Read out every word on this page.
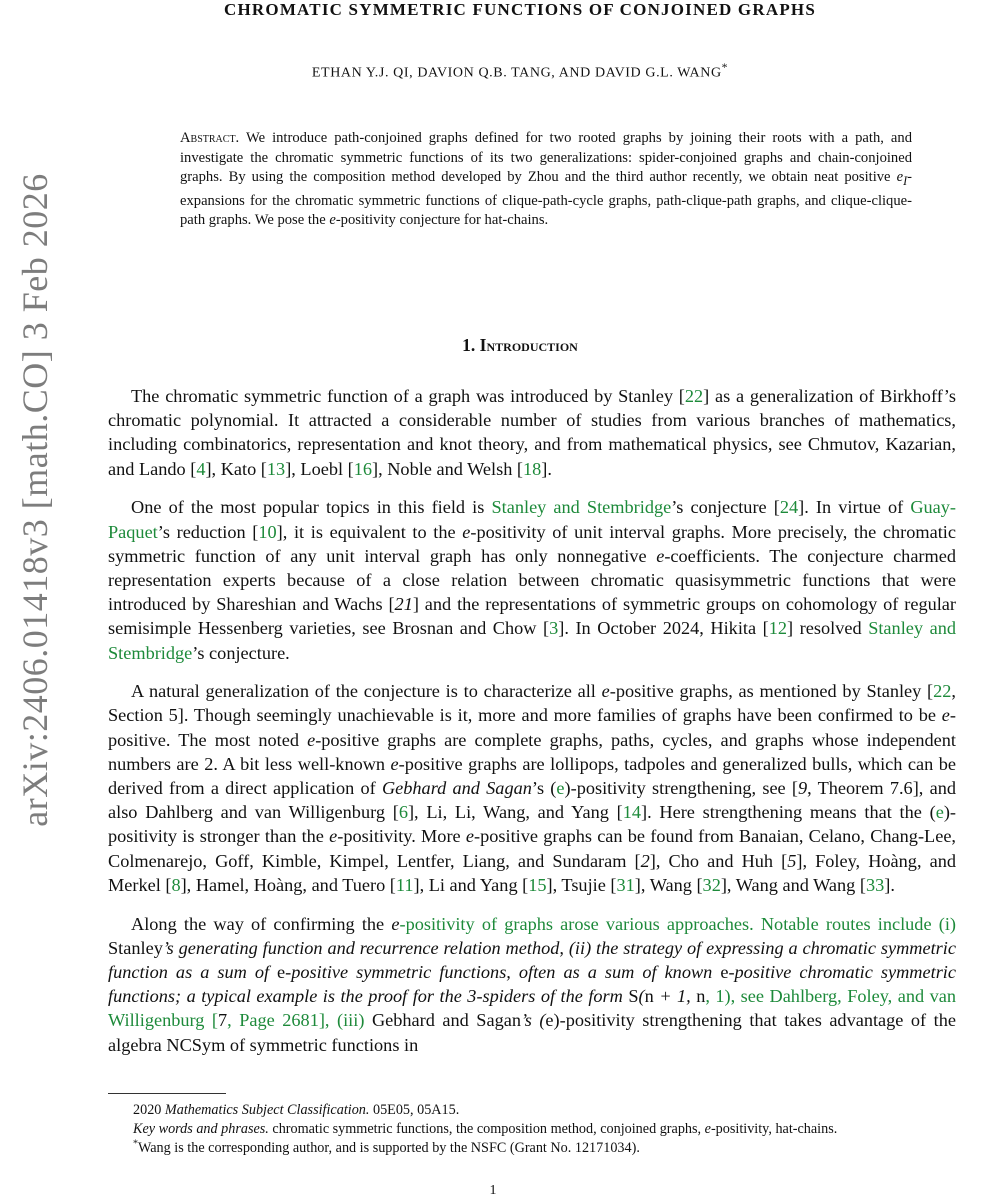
arXiv:2406.01418v3 [math.CO] 3 Feb 2026
CHROMATIC SYMMETRIC FUNCTIONS OF CONJOINED GRAPHS
ETHAN Y.J. QI, DAVION Q.B. TANG, AND DAVID G.L. WANG*

Abstract. We introduce path-conjoined graphs defined for two rooted graphs by joining their roots with a path, and investigate the chromatic symmetric functions of its two generalizations: spider-conjoined graphs and chain-conjoined graphs. By using the composition method developed by Zhou and the third author recently, we obtain neat positive $e_I$-expansions for the chromatic symmetric functions of clique-path-cycle graphs, path-clique-path graphs, and clique-clique-path graphs. We pose the e-positivity conjecture for hat-chains.

1. Introduction

The chromatic symmetric function of a graph was introduced by Stanley [22] as a generalization of Birkhoff’s chromatic polynomial. It attracted a considerable number of studies from various branches of mathematics, including combinatorics, representation and knot theory, and from mathematical physics, see Chmutov, Kazarian, and Lando [4], Kato [13], Loebl [16], Noble and Welsh [18].

One of the most popular topics in this field is Stanley and Stembridge’s conjecture [24]. In virtue of Guay-Paquet’s reduction [10], it is equivalent to the e-positivity of unit interval graphs. More precisely, the chromatic symmetric function of any unit interval graph has only nonnegative e-coefficients. The conjecture charmed representation experts because of a close relation between chromatic quasisymmetric functions that were introduced by Shareshian and Wachs [21] and the representations of symmetric groups on cohomology of regular semisimple Hessenberg varieties, see Brosnan and Chow [3]. In October 2024, Hikita [12] resolved Stanley and Stembridge’s conjecture.

A natural generalization of the conjecture is to characterize all e-positive graphs, as mentioned by Stanley [22, Section 5]. Though seemingly unachievable is it, more and more families of graphs have been confirmed to be e-positive. The most noted e-positive graphs are complete graphs, paths, cycles, and graphs whose independent numbers are 2. A bit less well-known e-positive graphs are lollipops, tadpoles and generalized bulls, which can be derived from a direct application of Gebhard and Sagan’s (e)-positivity strengthening, see [9, Theorem 7.6], and also Dahlberg and van Willigenburg [6], Li, Li, Wang, and Yang [14]. Here strengthening means that the (e)-positivity is stronger than the e-positivity. More e-positive graphs can be found from Banaian, Celano, Chang-Lee, Colmenarejo, Goff, Kimble, Kimpel, Lentfer, Liang, and Sundaram [2], Cho and Huh [5], Foley, Hoàng, and Merkel [8], Hamel, Hoàng, and Tuero [11], Li and Yang [15], Tsujie [31], Wang [32], Wang and Wang [33].

Along the way of confirming the e-positivity of graphs arose various approaches. Notable routes include (i) Stanley’s generating function and recurrence relation method, (ii) the strategy of expressing a chromatic symmetric function as a sum of e-positive symmetric functions, often as a sum of known e-positive chromatic symmetric functions; a typical example is the proof for the 3-spiders of the form S(n + 1, n, 1), see Dahlberg, Foley, and van Willigenburg [7, Page 2681], (iii) Gebhard and Sagan’s (e)-positivity strengthening that takes advantage of the algebra NCSym of symmetric functions in

2020 Mathematics Subject Classification. 05E05, 05A15.

Key words and phrases. chromatic symmetric functions, the composition method, conjoined graphs, e-positivity, hat-chains.

*Wang is the corresponding author, and is supported by the NSFC (Grant No. 12171034).

1
